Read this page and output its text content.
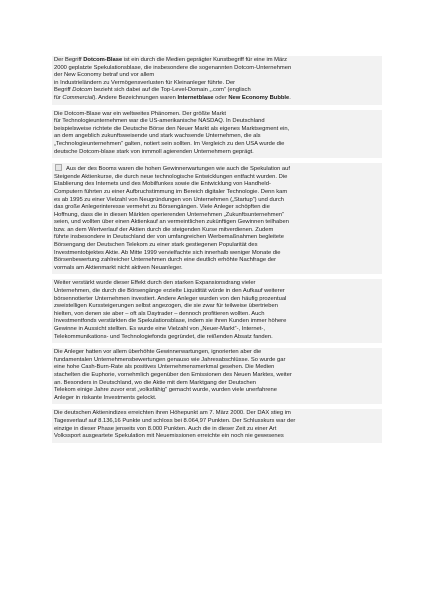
Der Begriff Dotcom-Blase ist ein durch die Medien geprägter Kunstbegriff für eine im März
2000 geplatzte Spekulationsblase, die insbesondere die sogenannten Dotcom-Unternehmen
der New Economy betraf und vor allem
in Industrieländern zu Vermögensverlusten für Kleinanleger führte. Der
Begriff Dotcom bezieht sich dabei auf die Top-Level-Domain „.com“ (englisch
für Commercial). Andere Bezeichnungen waren Internetblase oder New Economy Bubble.
Die Dotcom-Blase war ein weltweites Phänomen. Der größte Markt
für Technologieunternehmen war die US-amerikanische NASDAQ. In Deutschland
beispielsweise richtete die Deutsche Börse den Neuer Markt als eigenes Marktsegment ein,
an dem angeblich zukunftsweisende und stark wachsende Unternehmen, die als
„Technologieunternehmen“ galten, notiert sein sollten. Im Vergleich zu den USA wurde die
deutsche Dotcom-blase stark von inmmoll agierenden Unternehmern geprägt.
Aus der des Booms waren die hohen Gewinnerwartungen wie auch die Spekulation auf
Steigende Aktienkurse, die durch neue technologische Entwicklungen entfacht wurden. Die
Etablierung des Internets und des Mobilfunkes sowie die Entwicklung von Handheld-
Computern führten zu einer Aufbruchstimmung im Bereich digitaler Technologie. Denn kam
es ab 1995 zu einer Vielzahl von Neugründungen von Unternehmen („Startup“) und durch
das große Anlegerinteresse vermehrt zu Börsengängen. Viele Anleger schöpften die
Hoffnung, dass die in diesen Märkten operierenden Unternehmen „Zukunftsunternehmen“
seien, und wollten über einen Aktienkauf an vermeintlichen zukünftigen Gewinnen teilhaben
bzw. an dem Wertverlauf der Aktien durch die steigenden Kurse mitverdienen. Zudem
führte insbesondere in Deutschland der von umfangreichen Werbemaßnahmen begleitete
Börsengang der Deutschen Telekom zu einer stark gestiegenen Popularität des
Investmentobjektes Aktie. Ab Mitte 1999 vervielfachte sich innerhalb weniger Monate die
Börsenbewertung zahlreicher Unternehmen durch eine deutlich erhöhte Nachfrage der
vormals am Aktienmarkt nicht aktiven Neuanleger.
Weiter verstärkt wurde dieser Effekt durch den starken Expansionsdrang vieler
Unternehmen, die durch die Börsengänge erzielte Liquidität würde in den Aufkauf weiterer
börsennotierter Unternehmen investiert. Andere Anleger wurden von den häufig prozentual
zweistelligen Kurssteigerungen selbst angezogen, die sie zwar für teilweise übertrieben
hielten, von denen sie aber – oft als Daytrader – dennoch profitieren wollten. Auch
Investmentfonds verstärkten die Spekulationsblase, indem sie ihren Kunden immer höhere
Gewinne in Aussicht stellten. Es wurde eine Vielzahl von „Neuer-Markt“-, Internet-,
Telekommunikations- und Technologiefonds gegründet, die reißenden Absatz fanden.
Die Anleger hatten vor allem überhöhte Gewinnerwartungen, ignorierten aber die
fundamentalen Unternehmensbewertungen genauso wie Jahresabschlüsse. So wurde gar
eine hohe Cash-Burn-Rate als positives Unternehmensmerkmal gesehen. Die Medien
stachelten die Euphorie, vornehmlich gegenüber den Emissionen des Neuen Marktes, weiter
an. Besonders in Deutschland, wo die Aktie mit dem Marktgang der Deutschen
Telekom einige Jahre zuvor erst „volksfähig“ gemacht wurde, wurden viele unerfahrene
Anleger in riskante Investments gelockt.
Die deutschen Aktienindizes erreichten ihren Höhepunkt am 7. März 2000. Der DAX stieg im
Tagesverlauf auf 8.136,16 Punkte und schloss bei 8.064,97 Punkten. Der Schlusskurs war der
einzige in dieser Phase jenseits von 8.000 Punkten. Auch die in dieser Zeit zu einer Art
Volkssport ausgeartete Spekulation mit Neuemissionen erreichte ein noch nie gewesenes
